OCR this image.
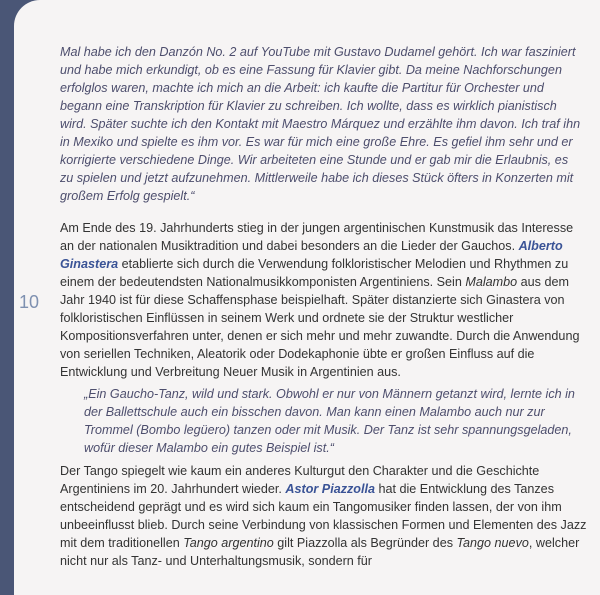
10

Mal habe ich den Danzón No. 2 auf YouTube mit Gustavo Dudamel gehört. Ich war fasziniert und habe mich erkundigt, ob es eine Fassung für Klavier gibt. Da meine Nachforschungen erfolglos waren, machte ich mich an die Arbeit: ich kaufte die Partitur für Orchester und begann eine Transkription für Klavier zu schreiben. Ich wollte, dass es wirklich pianistisch wird. Später suchte ich den Kontakt mit Maestro Márquez und erzählte ihm davon. Ich traf ihn in Mexiko und spielte es ihm vor. Es war für mich eine große Ehre. Es gefiel ihm sehr und er korrigierte verschiedene Dinge. Wir arbeiteten eine Stunde und er gab mir die Erlaubnis, es zu spielen und jetzt aufzunehmen. Mittlerweile habe ich dieses Stück öfters in Konzerten mit großem Erfolg gespielt.“

Am Ende des 19. Jahrhunderts stieg in der jungen argentinischen Kunstmusik das Interesse an der nationalen Musiktradition und dabei besonders an die Lieder der Gauchos. Alberto Ginastera etablierte sich durch die Verwendung folkloristischer Melodien und Rhythmen zu einem der bedeutendsten Nationalmusikkomponisten Argentiniens. Sein Malambo aus dem Jahr 1940 ist für diese Schaffensphase beispielhaft. Später distanzierte sich Ginastera von folkloristischen Einflüssen in seinem Werk und ordnete sie der Struktur westlicher Kompositionsverfahren unter, denen er sich mehr und mehr zuwandte. Durch die Anwendung von seriellen Techniken, Aleatorik oder Dodekaphonie übte er großen Einfluss auf die Entwicklung und Verbreitung Neuer Musik in Argentinien aus.

„Ein Gaucho-Tanz, wild und stark. Obwohl er nur von Männern getanzt wird, lernte ich in der Ballettschule auch ein bisschen davon. Man kann einen Malambo auch nur zur Trommel (Bombo legüero) tanzen oder mit Musik. Der Tanz ist sehr spannungsgeladen, wofür dieser Malambo ein gutes Beispiel ist.“

Der Tango spiegelt wie kaum ein anderes Kulturgut den Charakter und die Geschichte Argentiniens im 20. Jahrhundert wieder. Astor Piazzolla hat die Entwicklung des Tanzes entscheidend geprägt und es wird sich kaum ein Tangomusiker finden lassen, der von ihm unbeeinflusst blieb. Durch seine Verbindung von klassischen Formen und Elementen des Jazz mit dem traditionellen Tango argentino gilt Piazzolla als Begründer des Tango nuevo, welcher nicht nur als Tanz- und Unterhaltungsmusik, sondern für
